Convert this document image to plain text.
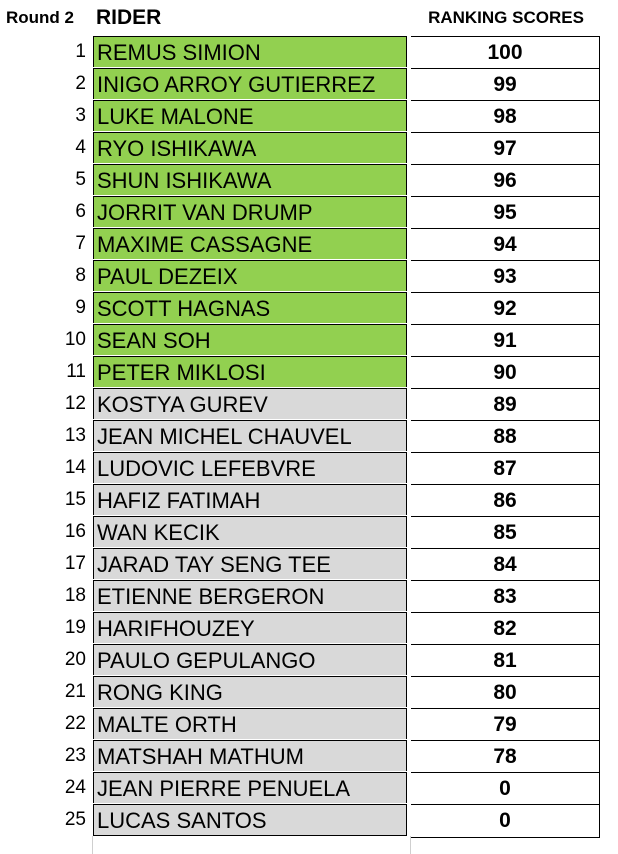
Round 2 RIDER	RANKING SCORES
1 REMUS SIMION	100
2 INIGO ARROY GUTIERREZ	99
3 LUKE MALONE	98
4 RYO ISHIKAWA	97
5 SHUN ISHIKAWA	96
6 JORRIT VAN DRUMP	95
7 MAXIME CASSAGNE	94
8 PAUL DEZEIX	93
9 SCOTT HAGNAS	92
10 SEAN SOH	91
11 PETER MIKLOSI	90
12 KOSTYA GUREV	89
13 JEAN MICHEL CHAUVEL	88
14 LUDOVIC LEFEBVRE	87
15 HAFIZ FATIMAH	86
16 WAN KECIK	85
17 JARAD TAY SENG TEE	84
18 ETIENNE BERGERON	83
19 HARIFHOUZEY	82
20 PAULO GEPULANGO	81
21 RONG KING	80
22 MALTE ORTH	79
23 MATSHAH MATHUM	78
24 JEAN PIERRE PENUELA	0
25 LUCAS SANTOS	0
